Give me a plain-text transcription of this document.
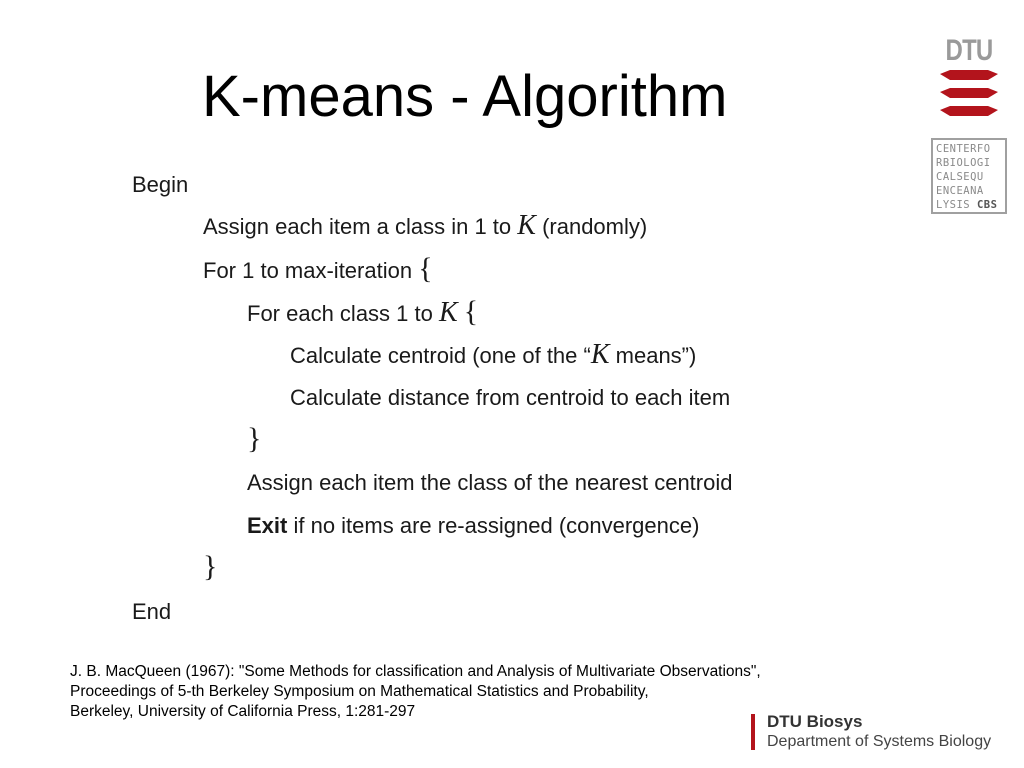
K-means - Algorithm
DTU
CENTERFO
RBIOLOGI
CALSEQU
ENCEANA
LYSIS CBS
Begin
Assign each item a class in 1 to K (randomly)
For 1 to max-iteration {
For each class 1 to K {
Calculate centroid (one of the “K means”)
Calculate distance from centroid to each item
}
Assign each item the class of the nearest centroid
Exit if no items are re-assigned (convergence)
}
End
J. B. MacQueen (1967): "Some Methods for classification and Analysis of Multivariate Observations",
Proceedings of 5-th Berkeley Symposium on Mathematical Statistics and Probability,
Berkeley, University of California Press, 1:281-297
DTU Biosys
Department of Systems Biology
